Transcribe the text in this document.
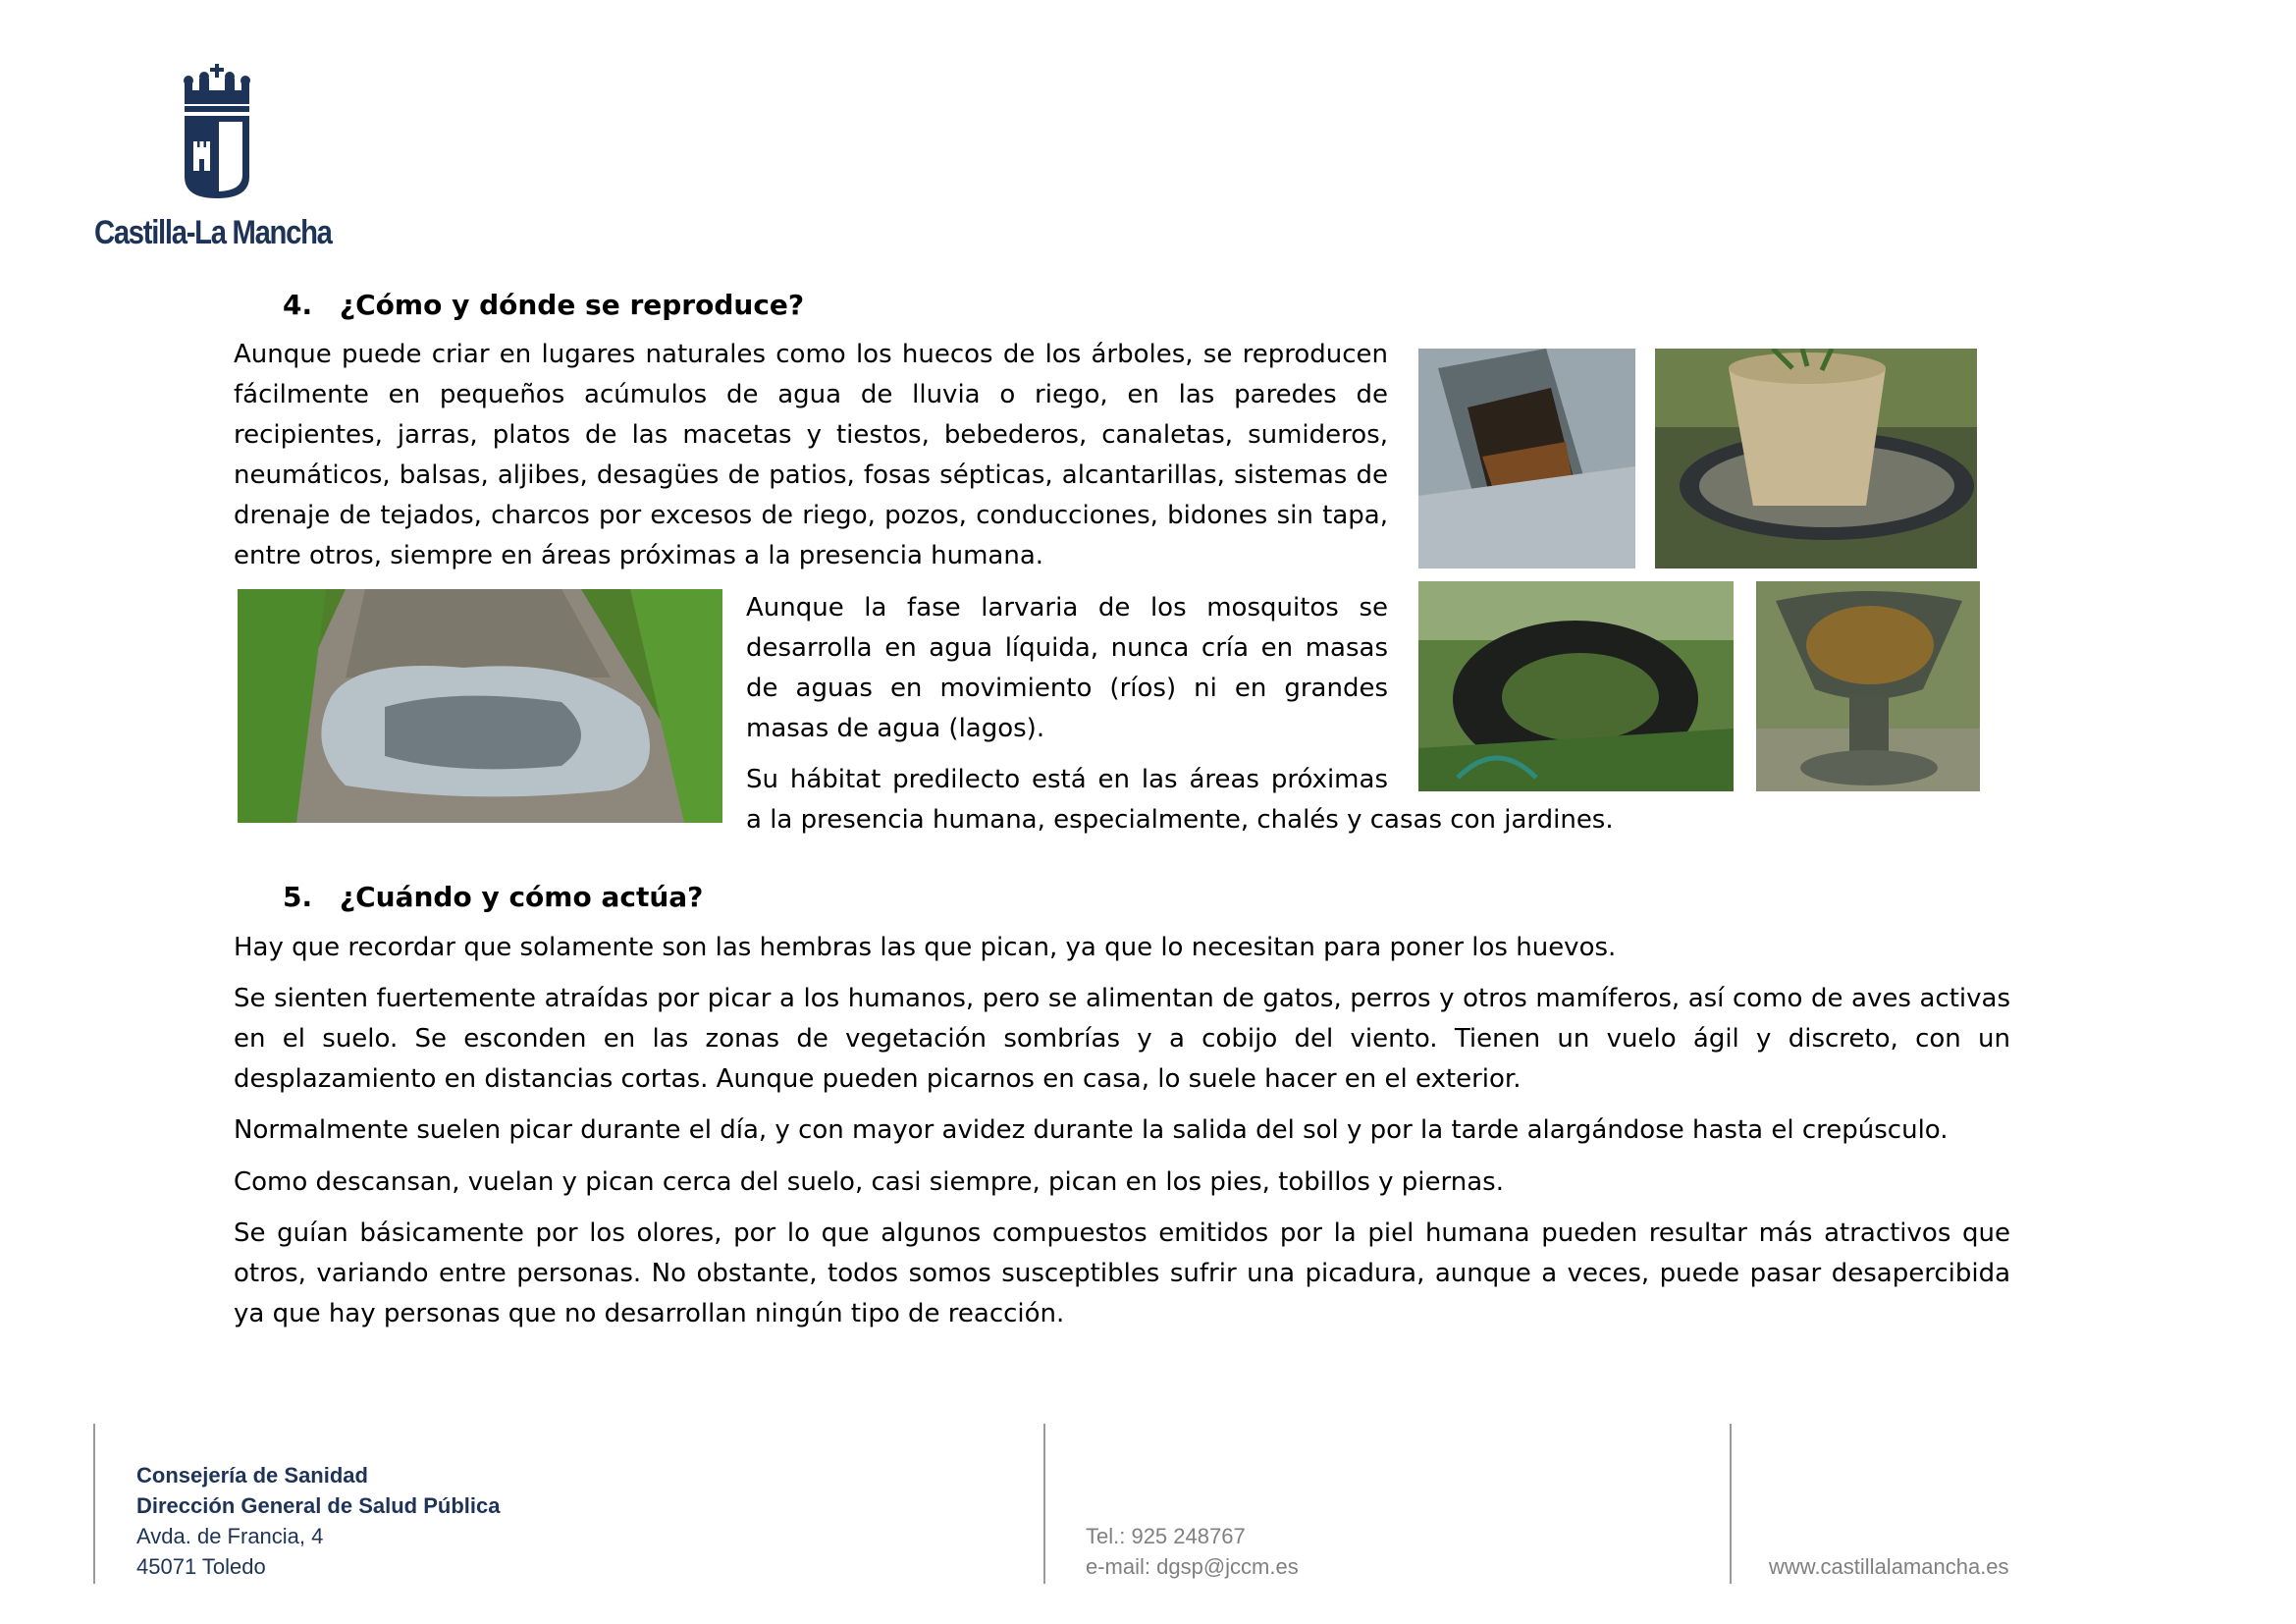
Castilla-La Mancha
4. ¿Cómo y dónde se reproduce?
Aunque puede criar en lugares naturales como los huecos de los árboles, se reproducen fácilmente en pequeños acúmulos de agua de lluvia o riego, en las paredes de recipientes, jarras, platos de las macetas y tiestos, bebederos, canaletas, sumideros, neumáticos, balsas, aljibes, desagües de patios, fosas sépticas, alcantarillas, sistemas de drenaje de tejados, charcos por excesos de riego, pozos, conducciones, bidones sin tapa, entre otros, siempre en áreas próximas a la presencia humana.
Aunque la fase larvaria de los mosquitos se desarrolla en agua líquida, nunca cría en masas de aguas en movimiento (ríos) ni en grandes masas de agua (lagos).
Su hábitat predilecto está en las áreas próximas
a la presencia humana, especialmente, chalés y casas con jardines.
5. ¿Cuándo y cómo actúa?
Hay que recordar que solamente son las hembras las que pican, ya que lo necesitan para poner los huevos.
Se sienten fuertemente atraídas por picar a los humanos, pero se alimentan de gatos, perros y otros mamíferos, así como de aves activas en el suelo. Se esconden en las zonas de vegetación sombrías y a cobijo del viento. Tienen un vuelo ágil y discreto, con un desplazamiento en distancias cortas. Aunque pueden picarnos en casa, lo suele hacer en el exterior.
Normalmente suelen picar durante el día, y con mayor avidez durante la salida del sol y por la tarde alargándose hasta el crepúsculo.
Como descansan, vuelan y pican cerca del suelo, casi siempre, pican en los pies, tobillos y piernas.
Se guían básicamente por los olores, por lo que algunos compuestos emitidos por la piel humana pueden resultar más atractivos que otros, variando entre personas. No obstante, todos somos susceptibles sufrir una picadura, aunque a veces, puede pasar desapercibida ya que hay personas que no desarrollan ningún tipo de reacción.
Consejería de Sanidad
Dirección General de Salud Pública
Avda. de Francia, 4
45071 Toledo
Tel.: 925 248767
e-mail: dgsp@jccm.es	www.castillalamancha.es
